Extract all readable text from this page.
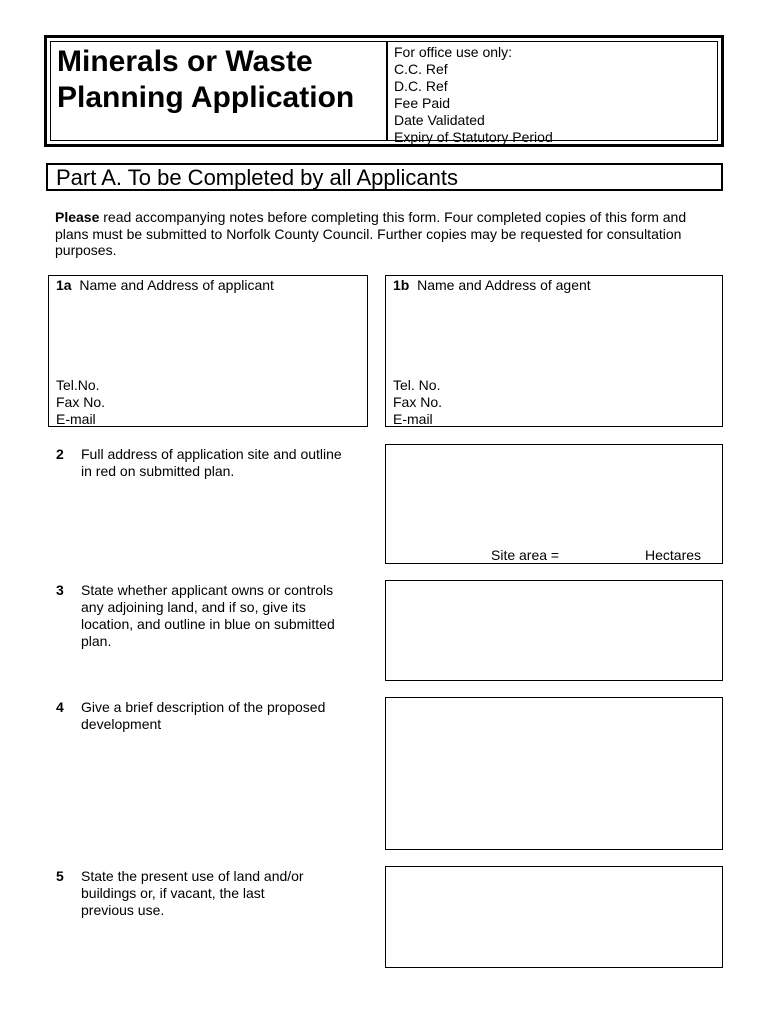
Minerals or Waste
Planning Application
For office use only:
C.C. Ref
D.C. Ref
Fee Paid
Date Validated
Expiry of Statutory Period
Part A. To be Completed by all Applicants
Please read accompanying notes before completing this form. Four completed copies of this form and plans must be submitted to Norfolk County Council. Further copies may be requested for consultation purposes.
1a Name and Address of applicant
Tel.No.
Fax No.
E-mail
1b Name and Address of agent
Tel. No.
Fax No.
E-mail
2	Full address of application site and outline
in red on submitted plan.
Site area =	Hectares
3	State whether applicant owns or controls
any adjoining land, and if so, give its
location, and outline in blue on submitted
plan.
4	Give a brief description of the proposed
development
5	State the present use of land and/or
buildings or, if vacant, the last
previous use.
